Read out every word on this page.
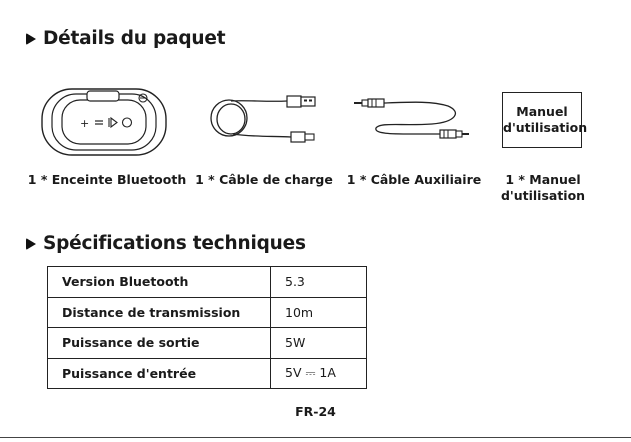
Détails du paquet
+
Manuel
d'utilisation
1 * Enceinte Bluetooth 1 * Câble de charge	1 * Câble Auxiliaire	1 * Manuel d'utilisation
Spécifications techniques
Version Bluetooth	5.3
Distance de transmission	10m
Puissance de sortie	5W
Puissance d'entrée	5V ⎓ 1A
FR-24
